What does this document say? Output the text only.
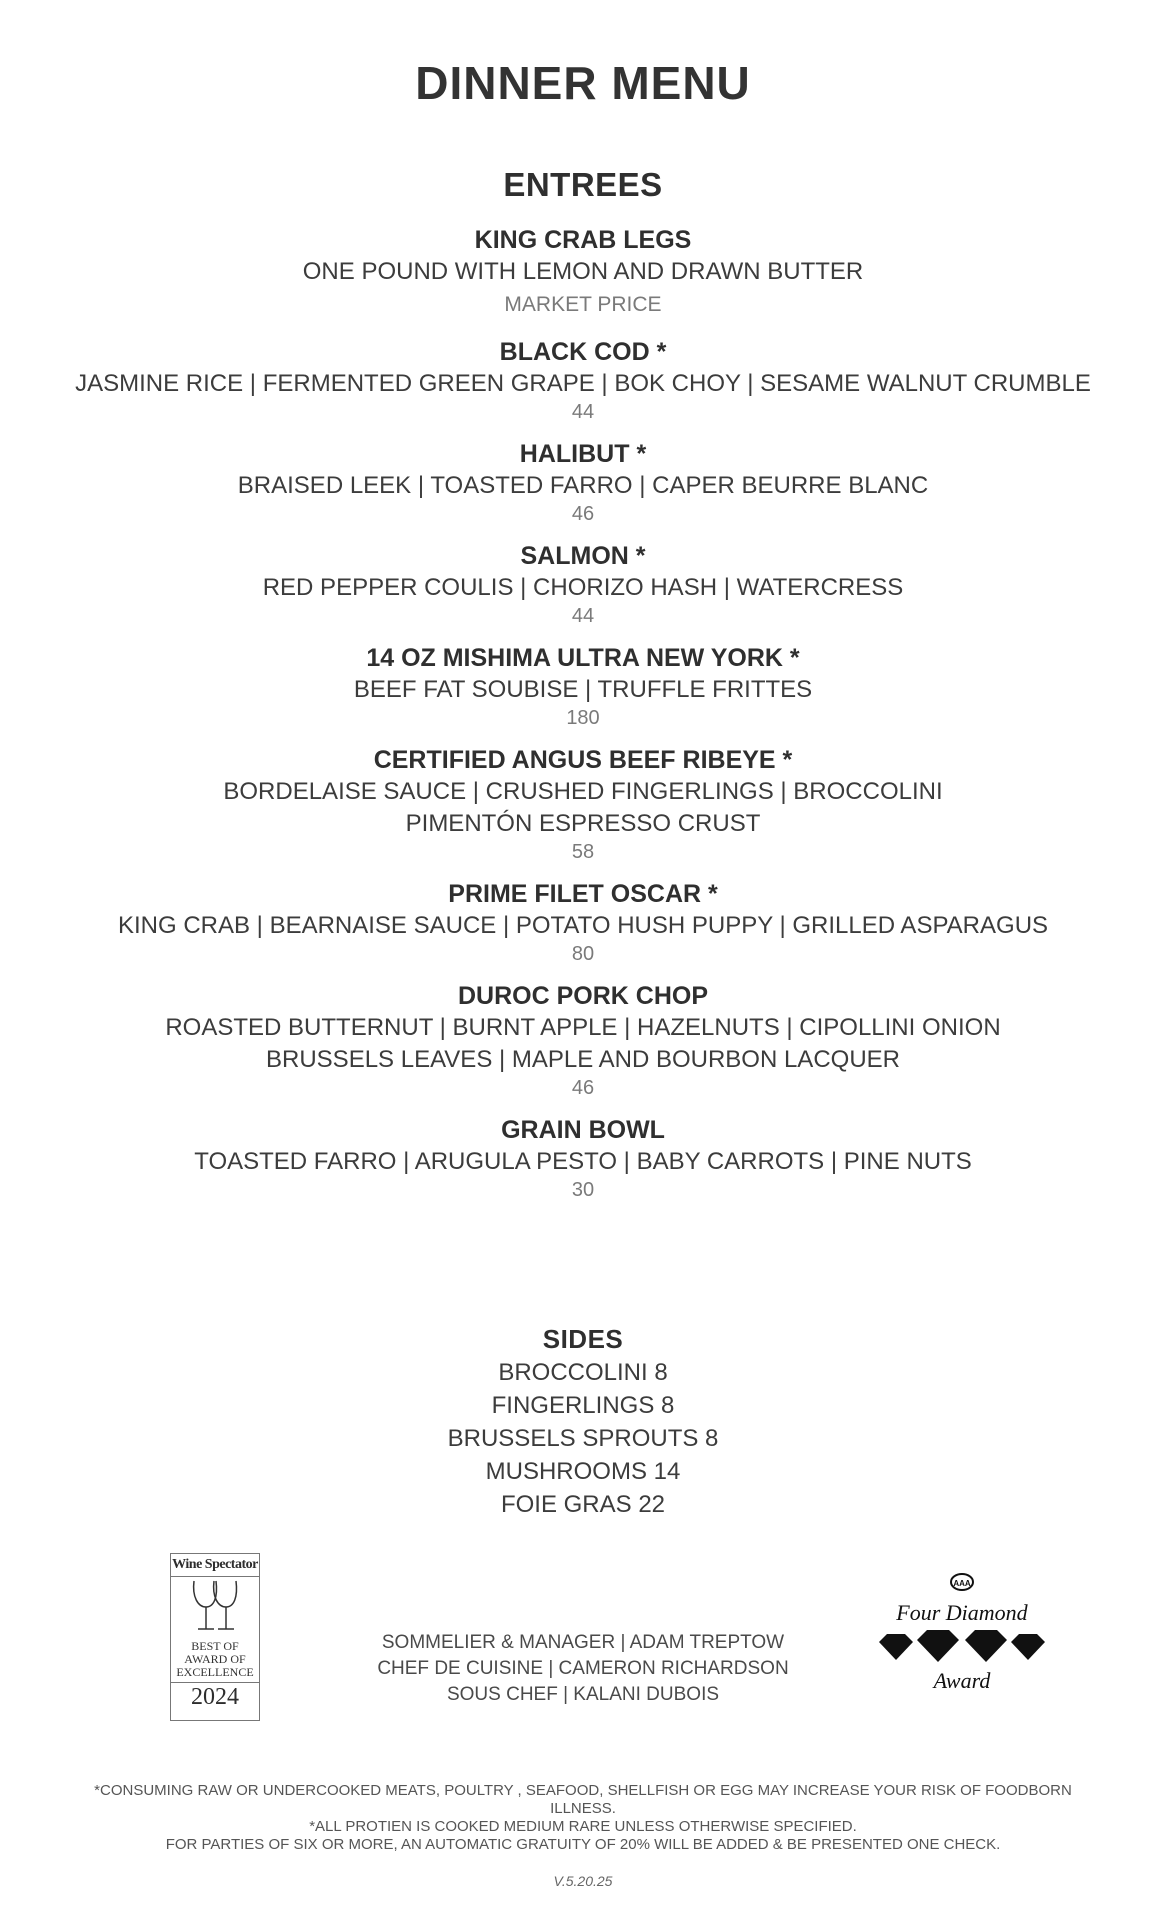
DINNER MENU
ENTREES
KING CRAB LEGS
ONE POUND WITH LEMON AND DRAWN BUTTER
MARKET PRICE
BLACK COD *
JASMINE RICE | FERMENTED GREEN GRAPE | BOK CHOY | SESAME WALNUT CRUMBLE
44
HALIBUT *
BRAISED LEEK | TOASTED FARRO | CAPER BEURRE BLANC
46
SALMON *
RED PEPPER COULIS | CHORIZO HASH | WATERCRESS
44
14 OZ MISHIMA ULTRA NEW YORK *
BEEF FAT SOUBISE | TRUFFLE FRITTES
180
CERTIFIED ANGUS BEEF RIBEYE *
BORDELAISE SAUCE | CRUSHED FINGERLINGS | BROCCOLINI
PIMENTÓN ESPRESSO CRUST
58
PRIME FILET OSCAR *
KING CRAB | BEARNAISE SAUCE | POTATO HUSH PUPPY | GRILLED ASPARAGUS
80
DUROC PORK CHOP
ROASTED BUTTERNUT | BURNT APPLE | HAZELNUTS | CIPOLLINI ONION
BRUSSELS LEAVES | MAPLE AND BOURBON LACQUER
46
GRAIN BOWL
TOASTED FARRO | ARUGULA PESTO | BABY CARROTS | PINE NUTS
30
SIDES
BROCCOLINI 8
FINGERLINGS 8
BRUSSELS SPROUTS 8
MUSHROOMS 14
FOIE GRAS 22
Wine Spectator
BEST OF
AWARD OF
EXCELLENCE
2024
SOMMELIER & MANAGER | ADAM TREPTOW
CHEF DE CUISINE | CAMERON RICHARDSON
SOUS CHEF | KALANI DUBOIS
AAA
Four Diamond
Award
*CONSUMING RAW OR UNDERCOOKED MEATS, POULTRY , SEAFOOD, SHELLFISH OR EGG MAY INCREASE YOUR RISK OF FOODBORN ILLNESS.
*ALL PROTIEN IS COOKED MEDIUM RARE UNLESS OTHERWISE SPECIFIED.
FOR PARTIES OF SIX OR MORE, AN AUTOMATIC GRATUITY OF 20% WILL BE ADDED & BE PRESENTED ONE CHECK.
V.5.20.25
